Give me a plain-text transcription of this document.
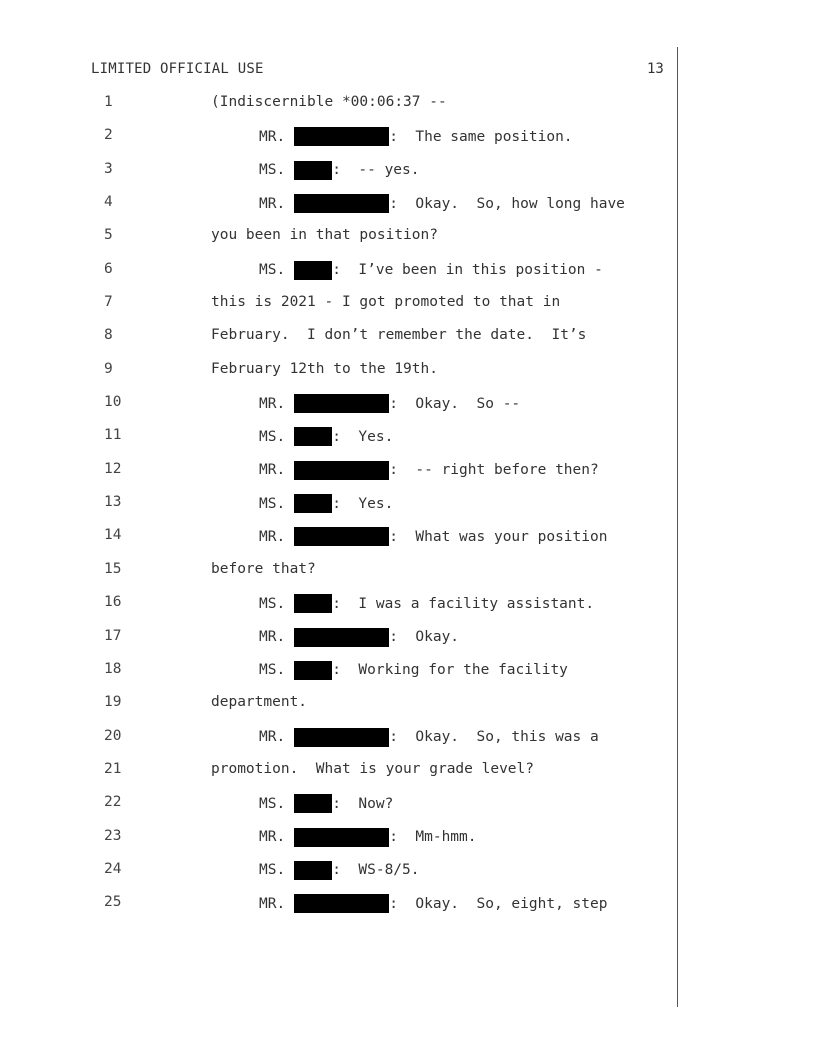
LIMITED OFFICIAL USE	13
1	(Indiscernible *00:06:37 --
2	MR.	:  The same position.
3	MS.	:  -- yes.
4	MR.	:  Okay.  So, how long have
5	you been in that position?
6	MS.	:  I’ve been in this position -
7	this is 2021 - I got promoted to that in
8	February.  I don’t remember the date.  It’s
9	February 12th to the 19th.
10	MR.	:  Okay.  So --
11	MS.	:  Yes.
12	MR.	:  -- right before then?
13	MS.	:  Yes.
14	MR.	:  What was your position
15	before that?
16	MS.	:  I was a facility assistant.
17	MR.	:  Okay.
18	MS.	:  Working for the facility
19	department.
20	MR.	:  Okay.  So, this was a
21	promotion.  What is your grade level?
22	MS.	:  Now?
23	MR.	:  Mm-hmm.
24	MS.	:  WS-8/5.
25	MR.	:  Okay.  So, eight, step
